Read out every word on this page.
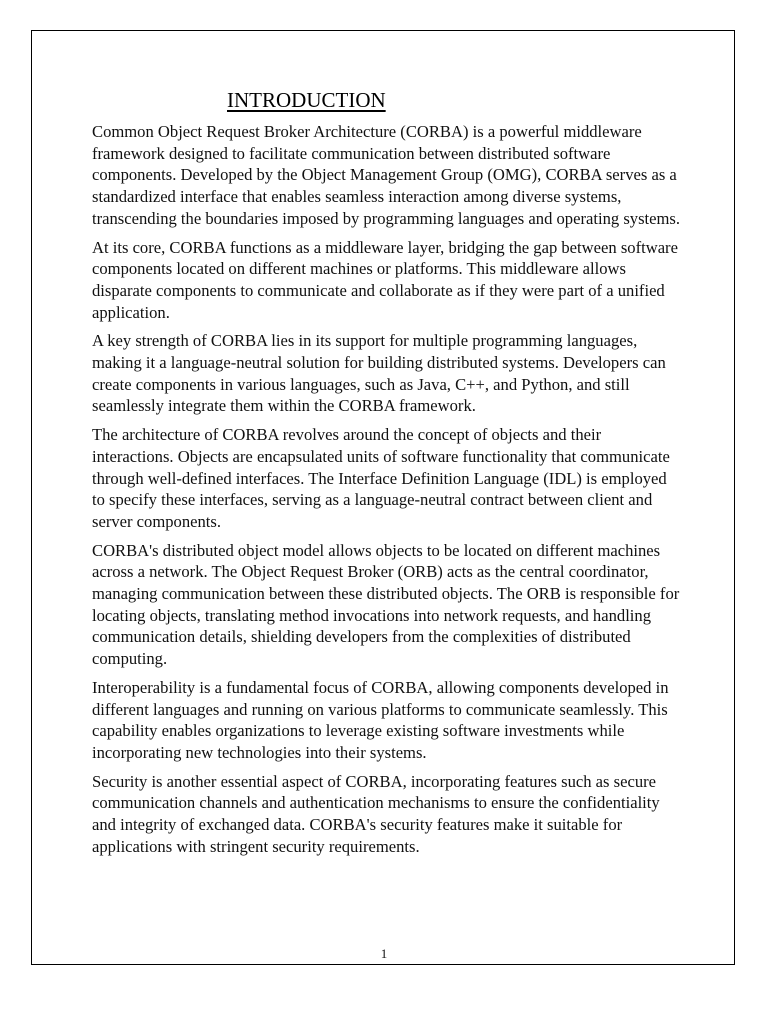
INTRODUCTION

Common Object Request Broker Architecture (CORBA) is a powerful middleware framework designed to facilitate communication between distributed software components. Developed by the Object Management Group (OMG), CORBA serves as a standardized interface that enables seamless interaction among diverse systems, transcending the boundaries imposed by programming languages and operating systems.

At its core, CORBA functions as a middleware layer, bridging the gap between software components located on different machines or platforms. This middleware allows disparate components to communicate and collaborate as if they were part of a unified application.

A key strength of CORBA lies in its support for multiple programming languages, making it a language-neutral solution for building distributed systems. Developers can create components in various languages, such as Java, C++, and Python, and still seamlessly integrate them within the CORBA framework.

The architecture of CORBA revolves around the concept of objects and their interactions. Objects are encapsulated units of software functionality that communicate through well-defined interfaces. The Interface Definition Language (IDL) is employed to specify these interfaces, serving as a language-neutral contract between client and server components.

CORBA's distributed object model allows objects to be located on different machines across a network. The Object Request Broker (ORB) acts as the central coordinator, managing communication between these distributed objects. The ORB is responsible for locating objects, translating method invocations into network requests, and handling communication details, shielding developers from the complexities of distributed computing.

Interoperability is a fundamental focus of CORBA, allowing components developed in different languages and running on various platforms to communicate seamlessly. This capability enables organizations to leverage existing software investments while incorporating new technologies into their systems.

Security is another essential aspect of CORBA, incorporating features such as secure communication channels and authentication mechanisms to ensure the confidentiality and integrity of exchanged data. CORBA's security features make it suitable for applications with stringent security requirements.

1
